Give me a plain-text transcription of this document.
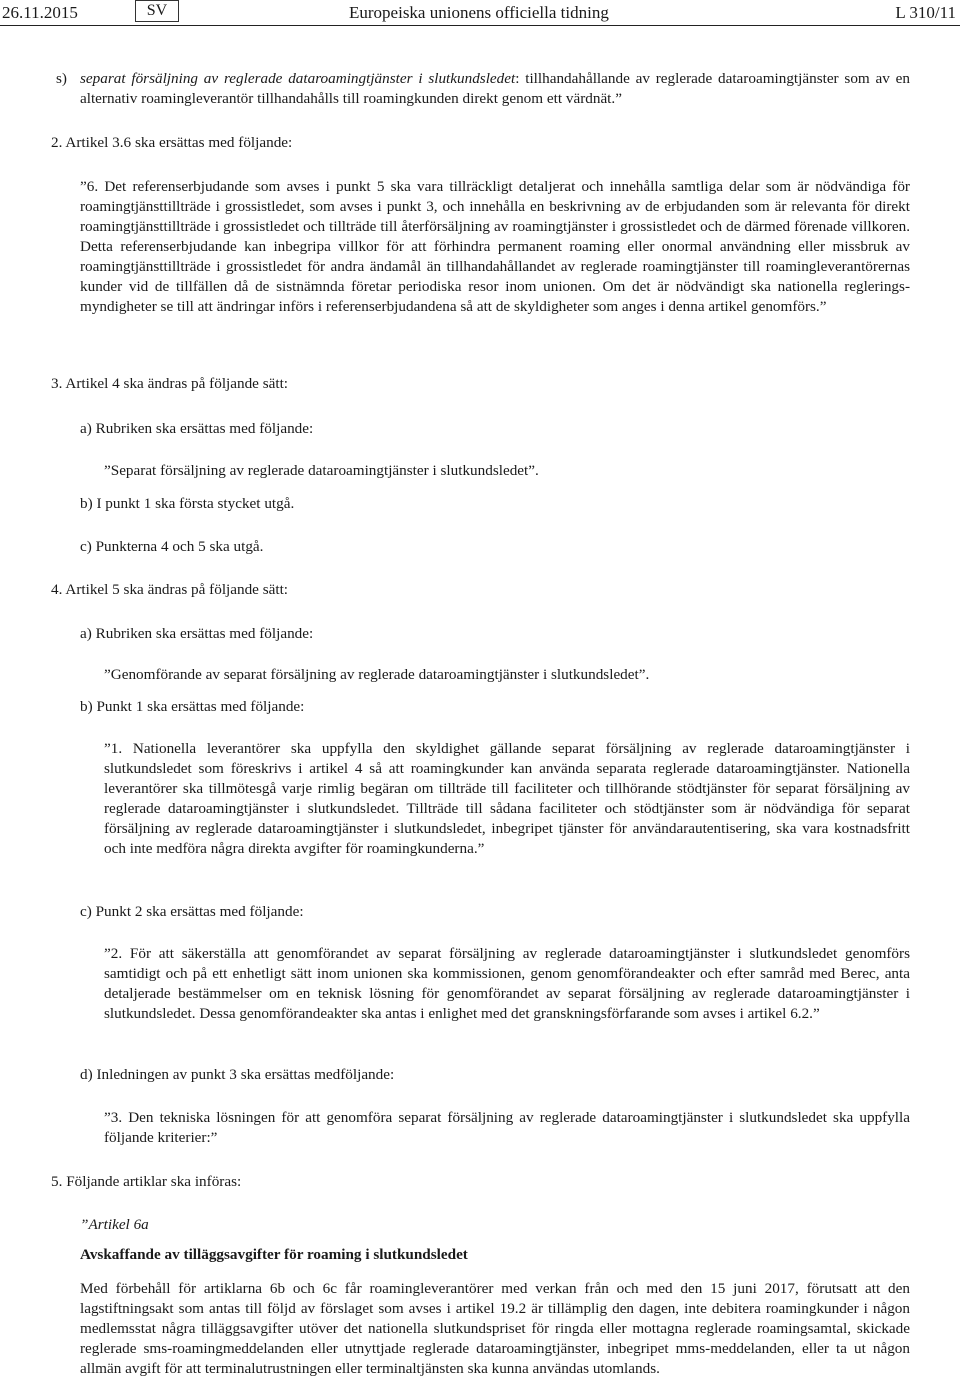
26.11.2015	SV	Europeiska unionens officiella tidning	L 310/11
separat försäljning av reglerade dataroamingtjänster i slutkundsledet: tillhandahållande av reglerade dataroamingtjänster som av en alternativ roamingleverantör tillhandahålls till roamingkunden direkt genom ett värdnät.”
s)
2. Artikel 3.6 ska ersättas med följande:
”6. Det referenserbjudande som avses i punkt 5 ska vara tillräckligt detaljerat och innehålla samtliga delar som är nödvändiga för roamingtjänsttillträde i grossistledet, som avses i punkt 3, och innehålla en beskrivning av de erbjudanden som är relevanta för direkt roamingtjänsttillträde i grossistledet och tillträde till återförsäljning av roamingtjänster i grossistledet och de därmed förenade villkoren. Detta referenserbjudande kan inbegripa villkor för att förhindra permanent roaming eller onormal användning eller missbruk av roamingtjänsttillträde i grossistledet för andra ändamål än tillhandahållandet av reglerade roamingtjänster till roamingleverantörernas kunder vid de tillfällen då de sistnämnda företar periodiska resor inom unionen. Om det är nödvändigt ska nationella regleringsmyndigheter se till att ändringar införs i referenserbjudandena så att de skyldigheter som anges i denna artikel genomförs.”
3. Artikel 4 ska ändras på följande sätt:
a) Rubriken ska ersättas med följande:
”Separat försäljning av reglerade dataroamingtjänster i slutkundsledet”.
b) I punkt 1 ska första stycket utgå.
c) Punkterna 4 och 5 ska utgå.
4. Artikel 5 ska ändras på följande sätt:
a) Rubriken ska ersättas med följande:
”Genomförande av separat försäljning av reglerade dataroamingtjänster i slutkundsledet”.
b) Punkt 1 ska ersättas med följande:
”1. Nationella leverantörer ska uppfylla den skyldighet gällande separat försäljning av reglerade dataroamingtjänster i slutkundsledet som föreskrivs i artikel 4 så att roamingkunder kan använda separata reglerade dataroamingtjänster. Nationella leverantörer ska tillmötesgå varje rimlig begäran om tillträde till faciliteter och tillhörande stödtjänster för separat försäljning av reglerade dataroamingtjänster i slutkundsledet. Tillträde till sådana faciliteter och stödtjänster som är nödvändiga för separat försäljning av reglerade dataroamingtjänster i slutkundsledet, inbegripet tjänster för användarautentisering, ska vara kostnadsfritt och inte medföra några direkta avgifter för roamingkunderna.”
c) Punkt 2 ska ersättas med följande:
”2. För att säkerställa att genomförandet av separat försäljning av reglerade dataroamingtjänster i slutkundsledet genomförs samtidigt och på ett enhetligt sätt inom unionen ska kommissionen, genom genomförandeakter och efter samråd med Berec, anta detaljerade bestämmelser om en teknisk lösning för genomförandet av separat försäljning av reglerade dataroamingtjänster i slutkundsledet. Dessa genomförandeakter ska antas i enlighet med det granskningsförfarande som avses i artikel 6.2.”
d) Inledningen av punkt 3 ska ersättas medföljande:
”3. Den tekniska lösningen för att genomföra separat försäljning av reglerade dataroamingtjänster i slutkundsledet ska uppfylla följande kriterier:”
5. Följande artiklar ska införas:
”Artikel 6a
Avskaffande av tilläggsavgifter för roaming i slutkundsledet
Med förbehåll för artiklarna 6b och 6c får roamingleverantörer med verkan från och med den 15 juni 2017, förutsatt att den lagstiftningsakt som antas till följd av förslaget som avses i artikel 19.2 är tillämplig den dagen, inte debitera roamingkunder i någon medlemsstat några tilläggsavgifter utöver det nationella slutkundspriset för ringda eller mottagna reglerade roamingsamtal, skickade reglerade sms-roamingmeddelanden eller utnyttjade reglerade dataroamingtjänster, inbegripet mms-meddelanden, eller ta ut någon allmän avgift för att terminalutrustningen eller terminaltjänsten ska kunna användas utomlands.
